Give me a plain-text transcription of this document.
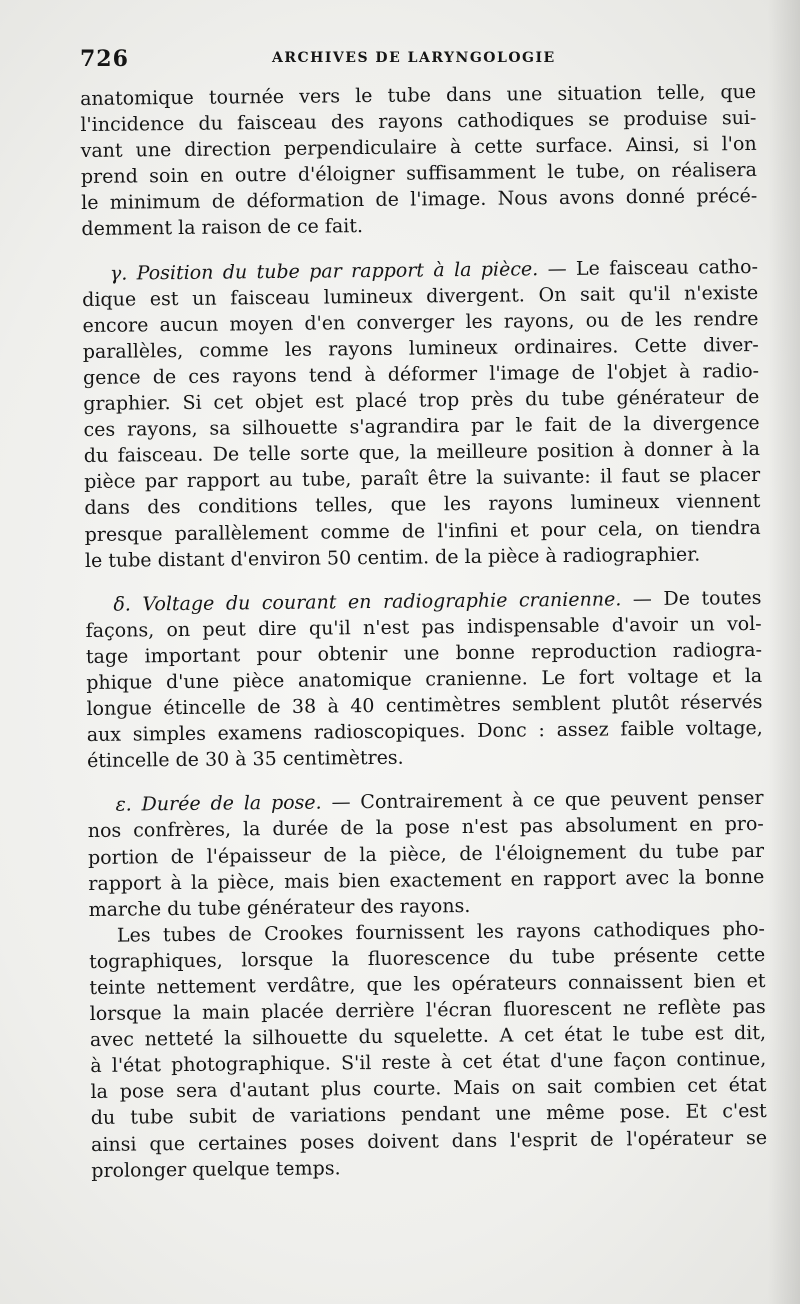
726	ARCHIVES DE LARYNGOLOGIE
anatomique tournée vers le tube dans une situation telle, que
l'incidence du faisceau des rayons cathodiques se produise sui-
vant une direction perpendiculaire à cette surface. Ainsi, si l'on
prend soin en outre d'éloigner suffisamment le tube, on réalisera
le minimum de déformation de l'image. Nous avons donné précé-
demment la raison de ce fait.
γ. Position du tube par rapport à la pièce. — Le faisceau catho-
dique est un faisceau lumineux divergent. On sait qu'il n'existe
encore aucun moyen d'en converger les rayons, ou de les rendre
parallèles, comme les rayons lumineux ordinaires. Cette diver-
gence de ces rayons tend à déformer l'image de l'objet à radio-
graphier. Si cet objet est placé trop près du tube générateur de
ces rayons, sa silhouette s'agrandira par le fait de la divergence
du faisceau. De telle sorte que, la meilleure position à donner à la
pièce par rapport au tube, paraît être la suivante: il faut se placer
dans des conditions telles, que les rayons lumineux viennent
presque parallèlement comme de l'infini et pour cela, on tiendra
le tube distant d'environ 50 centim. de la pièce à radiographier.
δ. Voltage du courant en radiographie cranienne. — De toutes
façons, on peut dire qu'il n'est pas indispensable d'avoir un vol-
tage important pour obtenir une bonne reproduction radiogra-
phique d'une pièce anatomique cranienne. Le fort voltage et la
longue étincelle de 38 à 40 centimètres semblent plutôt réservés
aux simples examens radioscopiques. Donc : assez faible voltage,
étincelle de 30 à 35 centimètres.
ε. Durée de la pose. — Contrairement à ce que peuvent penser
nos confrères, la durée de la pose n'est pas absolument en pro-
portion de l'épaisseur de la pièce, de l'éloignement du tube par
rapport à la pièce, mais bien exactement en rapport avec la bonne
marche du tube générateur des rayons.
Les tubes de Crookes fournissent les rayons cathodiques pho-
tographiques, lorsque la fluorescence du tube présente cette
teinte nettement verdâtre, que les opérateurs connaissent bien et
lorsque la main placée derrière l'écran fluorescent ne reflète pas
avec netteté la silhouette du squelette. A cet état le tube est dit,
à l'état photographique. S'il reste à cet état d'une façon continue,
la pose sera d'autant plus courte. Mais on sait combien cet état
du tube subit de variations pendant une même pose. Et c'est
ainsi que certaines poses doivent dans l'esprit de l'opérateur se
prolonger quelque temps.
